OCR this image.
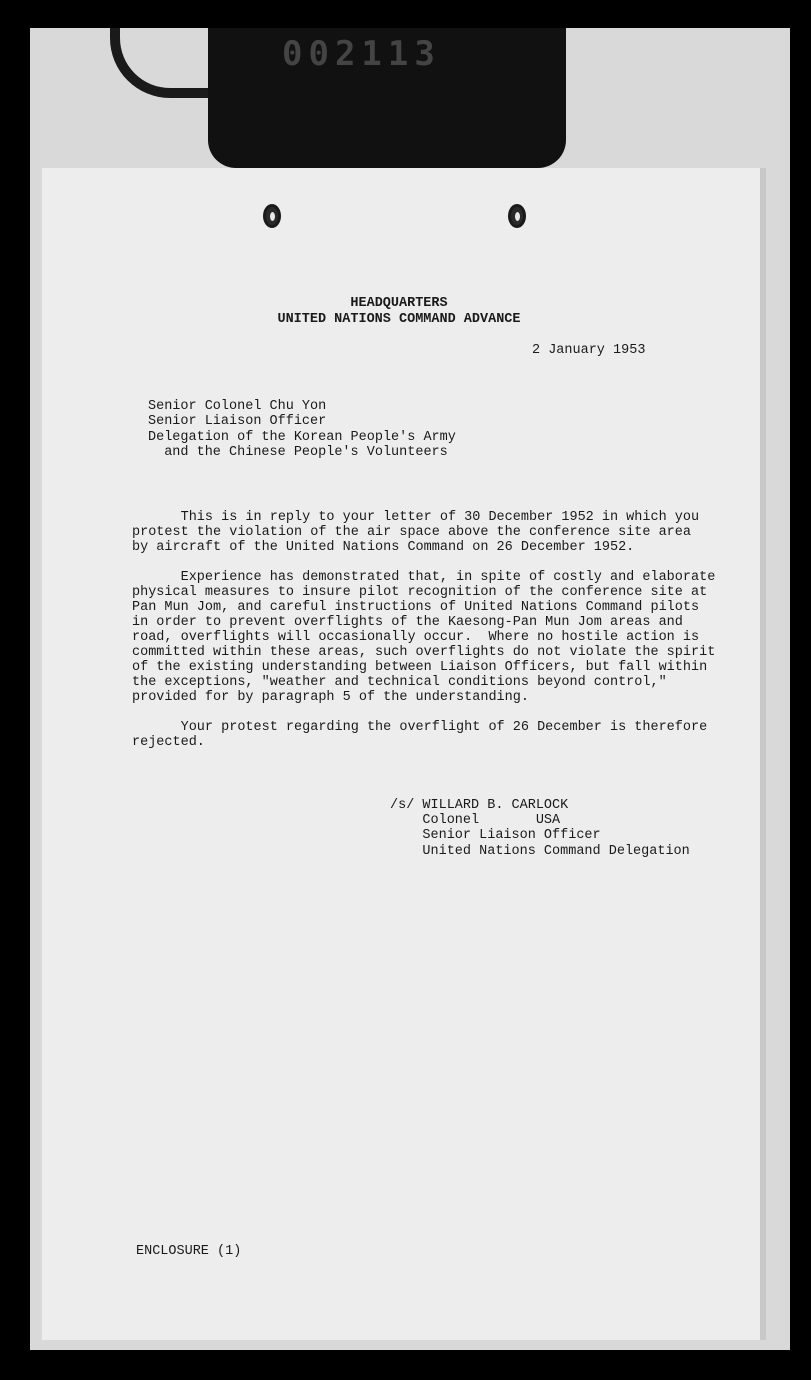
002113

HEADQUARTERS

UNITED NATIONS COMMAND ADVANCE

2 January 1953

Senior Colonel Chu Yon

Senior Liaison Officer

Delegation of the Korean People's Army

and the Chinese People's Volunteers

This is in reply to your letter of 30 December 1952 in which you
protest the violation of the air space above the conference site area
by aircraft of the United Nations Command on 26 December 1952.

Experience has demonstrated that, in spite of costly and elaborate
physical measures to insure pilot recognition of the conference site at
Pan Mun Jom, and careful instructions of United Nations Command pilots
in order to prevent overflights of the Kaesong-Pan Mun Jom areas and
road, overflights will occasionally occur.  Where no hostile action is
committed within these areas, such overflights do not violate the spirit
of the existing understanding between Liaison Officers, but fall within
the exceptions, "weather and technical conditions beyond control,"
provided for by paragraph 5 of the understanding.

Your protest regarding the overflight of 26 December is therefore
rejected.

/s/ WILLARD B. CARLOCK

Colonel       USA

Senior Liaison Officer

United Nations Command Delegation

ENCLOSURE (1)
